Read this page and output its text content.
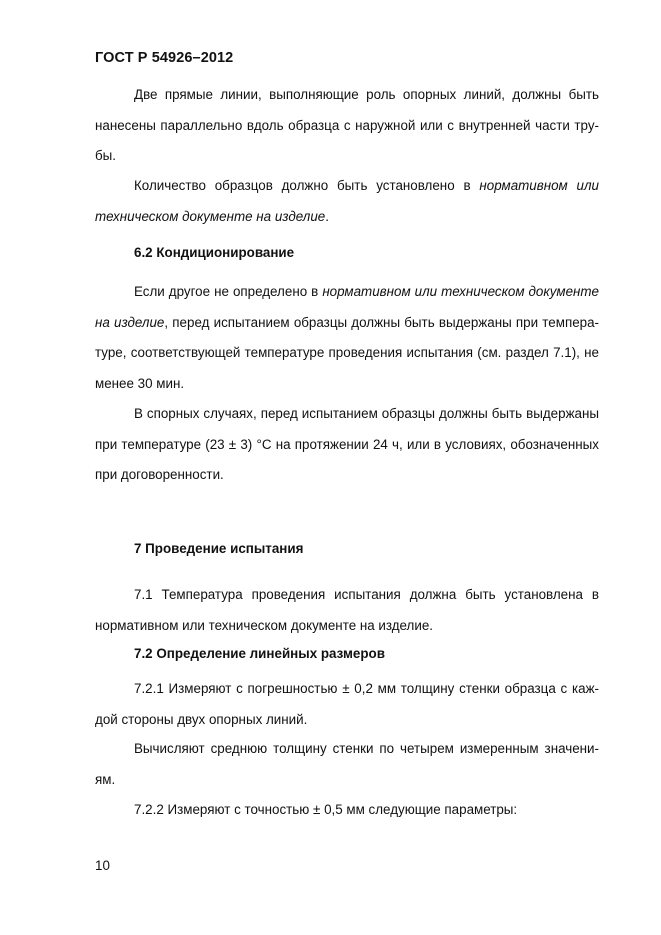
ГОСТ Р 54926–2012

Две прямые линии, выполняющие роль опорных линий, должны быть нанесены параллельно вдоль образца с наружной или с внутренней части тру-бы.

Количество образцов должно быть установлено в нормативном или техническом документе на изделие.

6.2 Кондиционирование

Если другое не определено в нормативном или техническом документе на изделие, перед испытанием образцы должны быть выдержаны при темпера-туре, соответствующей температуре проведения испытания (см. раздел 7.1), не менее 30 мин.

В спорных случаях, перед испытанием образцы должны быть выдержаны при температуре (23 ± 3) °С на протяжении 24 ч, или в условиях, обозначенных при договоренности.

7 Проведение испытания

7.1 Температура проведения испытания должна быть установлена в нормативном или техническом документе на изделие.

7.2 Определение линейных размеров

7.2.1 Измеряют с погрешностью ± 0,2 мм толщину стенки образца с каж-дой стороны двух опорных линий.

Вычисляют среднюю толщину стенки по четырем измеренным значени-ям.

7.2.2 Измеряют с точностью ± 0,5 мм следующие параметры:

10
